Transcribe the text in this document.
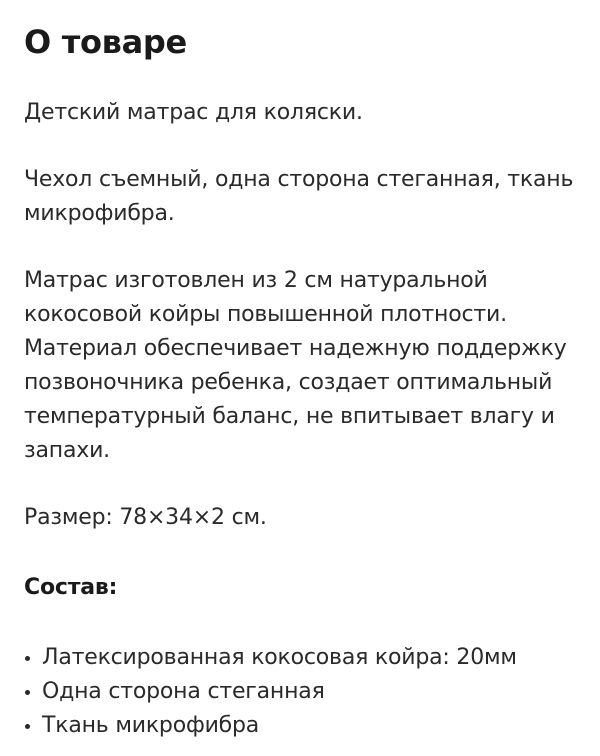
О товаре

Детский матрас для коляски.

Чехол съемный, одна сторона стеганная, ткань микрофибра.

Матрас изготовлен из 2 см натуральной кокосовой койры повышенной плотности. Материал обеспечивает надежную поддержку позвоночника ребенка, создает оптимальный температурный баланс, не впитывает влагу и запахи.

Размер: 78×34×2 см.

Состав:
Латексированная кокосовая койра: 20мм
Одна сторона стеганная
Ткань микрофибра
